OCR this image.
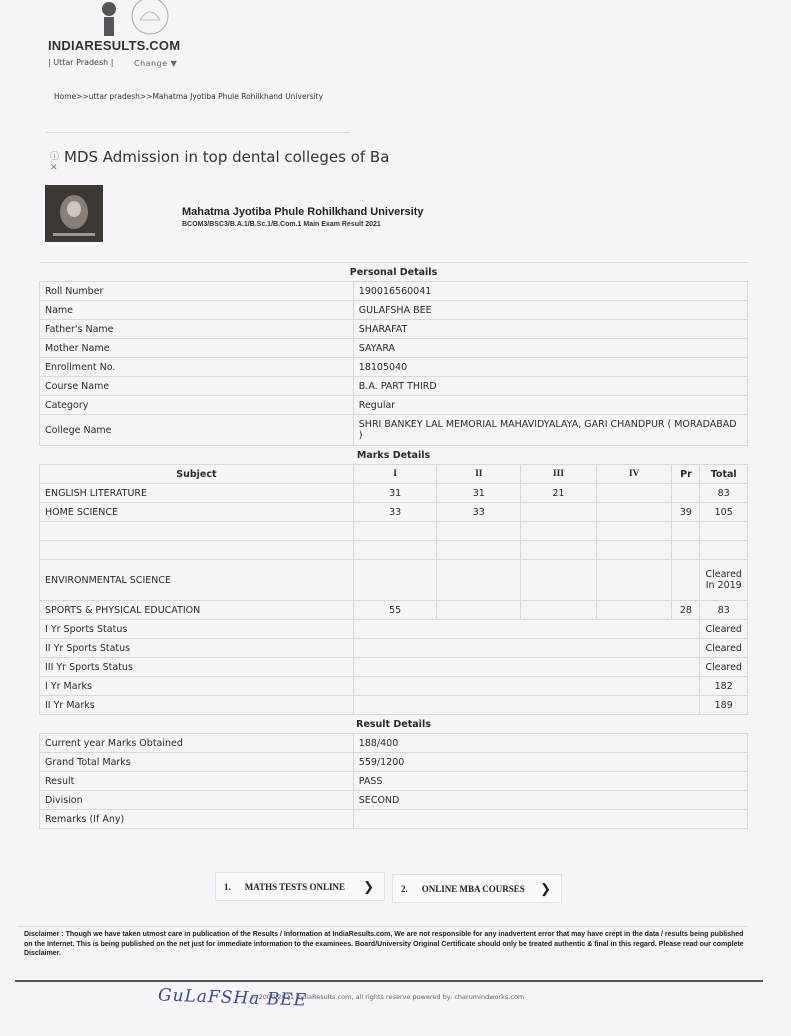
INDIARESULTS.COM
| Uttar Pradesh |	Change ▼
Home>>uttar pradesh>>Mahatma Jyotiba Phule Rohilkhand University
ⓘ
✕
MDS Admission in top dental colleges of Ba
Mahatma Jyotiba Phule Rohilkhand University
BCOM3/BSC3/B.A.1/B.Sc.1/B.Com.1 Main Exam Result 2021
Personal Details						
Roll Number	190016560041					
Name	GULAFSHA BEE					
Father's Name	SHARAFAT					
Mother Name	SAYARA					
Enrollment No.	18105040					
Course Name	B.A. PART THIRD					
Category	Regular					
College Name	SHRI BANKEY LAL MEMORIAL MAHAVIDYALAYA, GARI CHANDPUR ( MORADABAD )					
Marks Details						
Subject	I	II	III	IV	Pr	Total
ENGLISH LITERATURE	31	31	21			83
HOME SCIENCE	33	33			39	105

ENVIRONMENTAL SCIENCE						Cleared In 2019
SPORTS & PHYSICAL EDUCATION	55				28	83
I Yr Sports Status						Cleared
II Yr Sports Status						Cleared
III Yr Sports Status						Cleared
I Yr Marks						182
II Yr Marks						189
Result Details						
Current year Marks Obtained	188/400					
Grand Total Marks	559/1200					
Result	PASS					
Division	SECOND					
Remarks (If Any)						
1. MATHS TESTS ONLINE ❯	2. ONLINE MBA COURSES ❯
Disclaimer : Though we have taken utmost care in publication of the Results / Information at IndiaResults.com, We are not responsible for any inadvertent error that may have crept in the data / results being published on the Internet. This is being published on the net just for immediate information to the examinees. Board/University Original Certificate should only be treated authentic & final in this regard. Please read our complete Disclaimer.
© 2000-2021 IndiaResults.com, all rights reserve powered by: charumindworks.com
GuLaFSHa BEE
